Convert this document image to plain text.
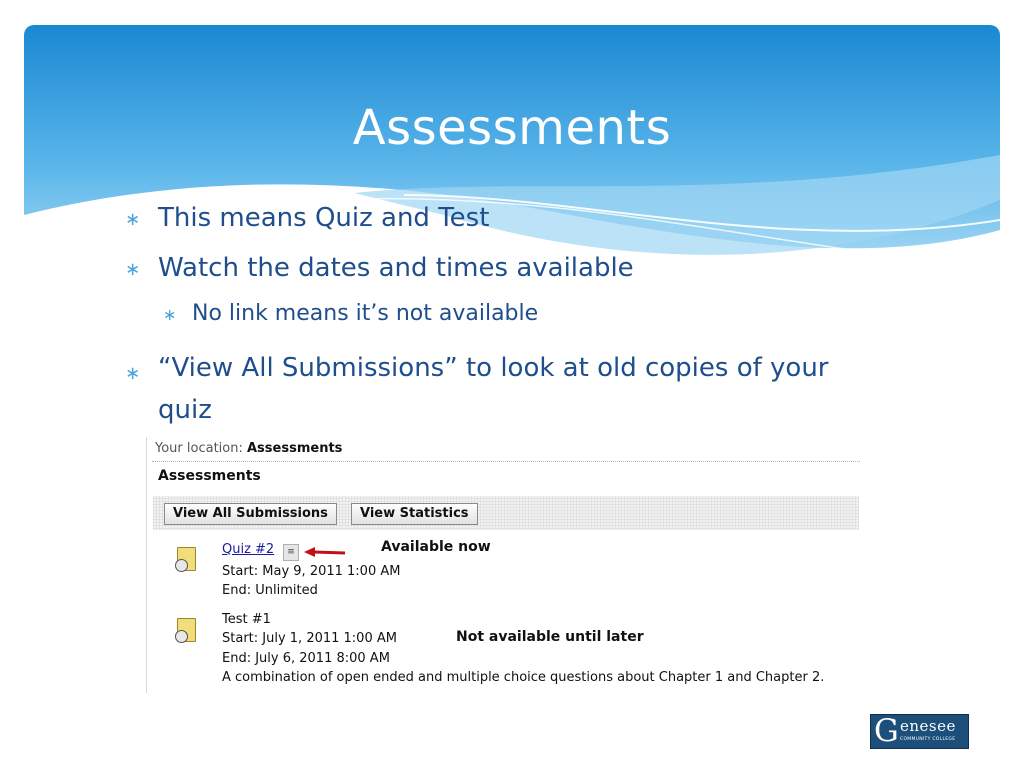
Assessments
∗ This means Quiz and Test
∗ Watch the dates and times available
∗ No link means it’s not available
∗ “View All Submissions” to look at old copies of your quiz
Your location: Assessments
Assessments
View All Submissions	View Statistics
Quiz #2	≡	Available now
Start: May 9, 2011 1:00 AM
End: Unlimited
Test #1
Start: July 1, 2011 1:00 AM	Not available until later
End: July 6, 2011 8:00 AM
A combination of open ended and multiple choice questions about Chapter 1 and Chapter 2.
G enesee
COMMUNITY COLLEGE
